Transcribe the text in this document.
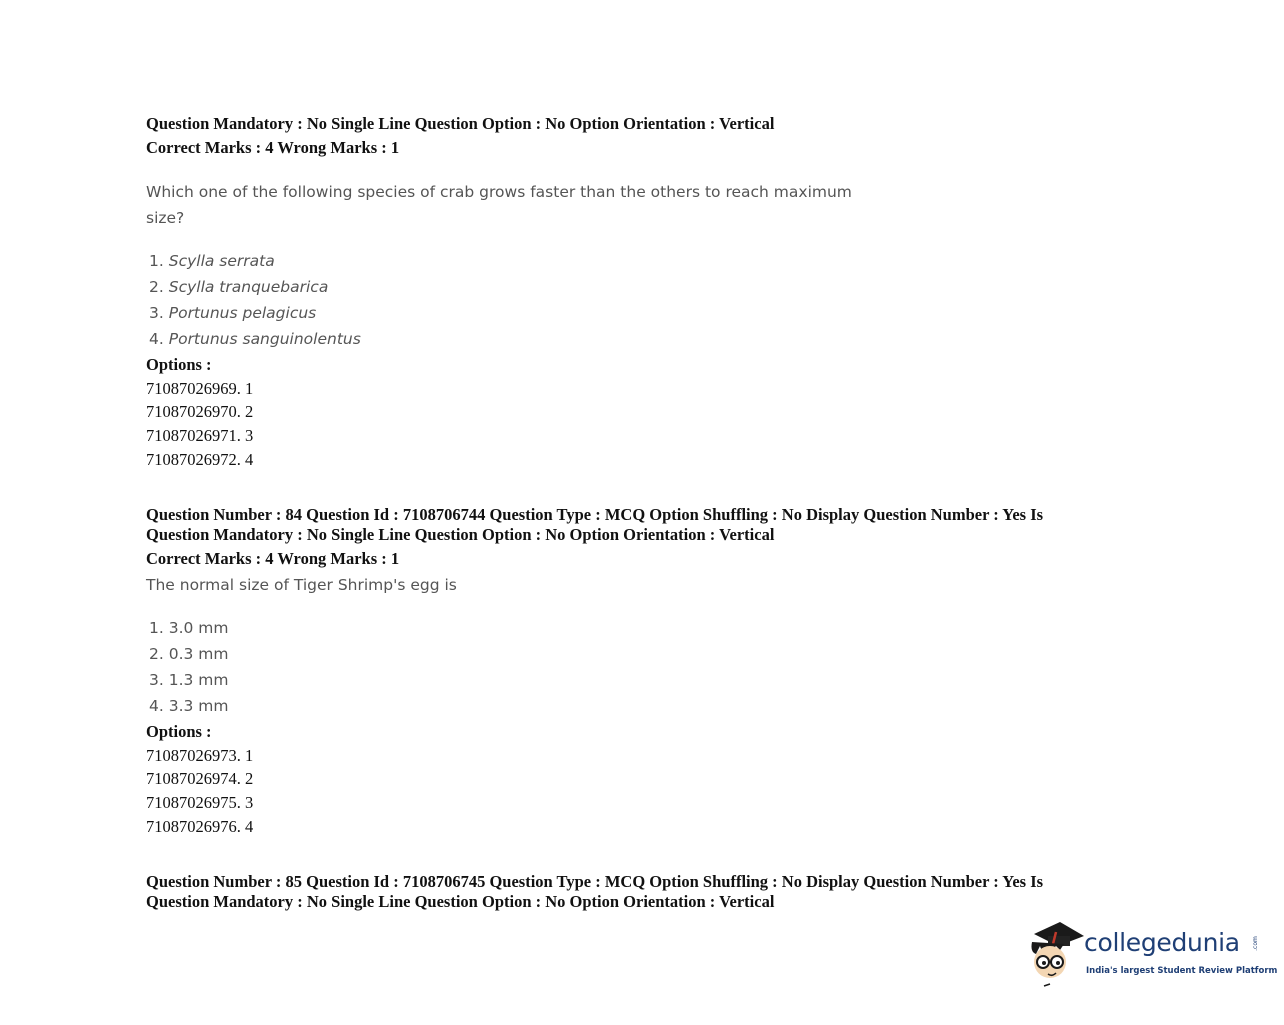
Question Mandatory : No Single Line Question Option : No Option Orientation : Vertical
Correct Marks : 4 Wrong Marks : 1
Which one of the following species of crab grows faster than the others to reach maximum
size?
1. Scylla serrata
2. Scylla tranquebarica
3. Portunus pelagicus
4. Portunus sanguinolentus
Options :
71087026969. 1
71087026970. 2
71087026971. 3
71087026972. 4
Question Number : 84 Question Id : 7108706744 Question Type : MCQ Option Shuffling : No Display Question Number : Yes Is
Question Mandatory : No Single Line Question Option : No Option Orientation : Vertical
Correct Marks : 4 Wrong Marks : 1
The normal size of Tiger Shrimp's egg is
1. 3.0 mm
2. 0.3 mm
3. 1.3 mm
4. 3.3 mm
Options :
71087026973. 1
71087026974. 2
71087026975. 3
71087026976. 4
Question Number : 85 Question Id : 7108706745 Question Type : MCQ Option Shuffling : No Display Question Number : Yes Is
Question Mandatory : No Single Line Question Option : No Option Orientation : Vertical
collegedunia .com
India's largest Student Review Platform
